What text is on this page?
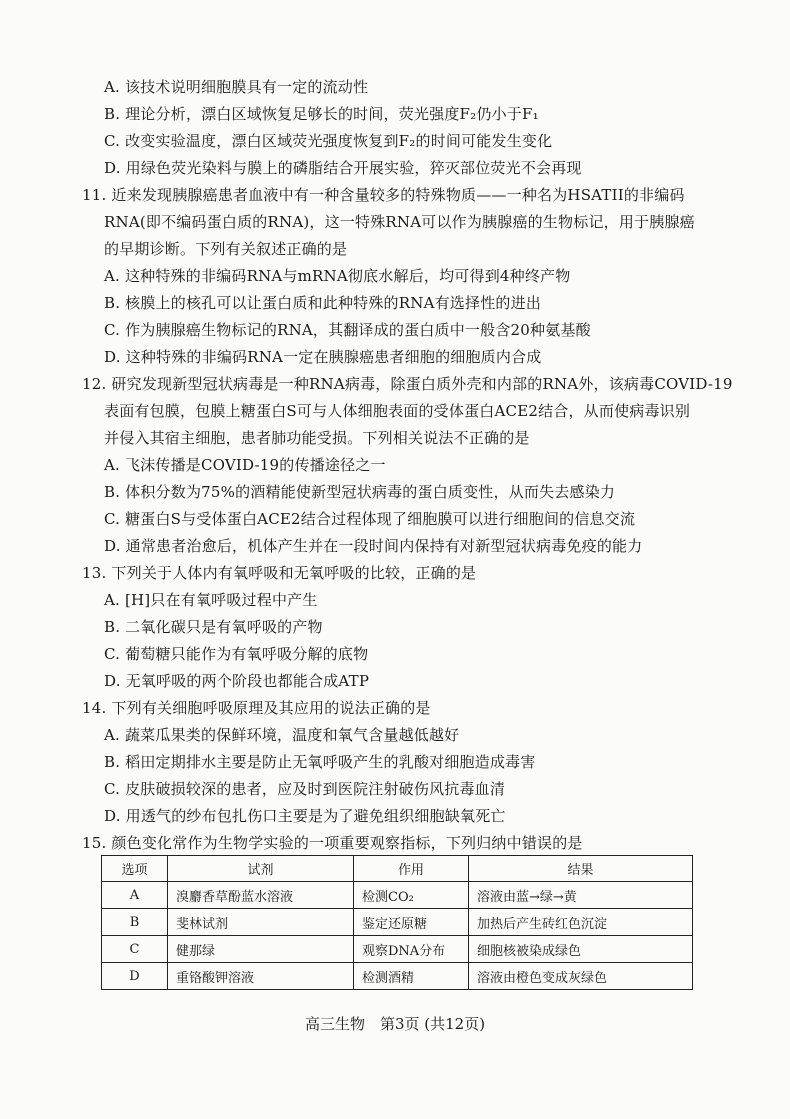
A. 该技术说明细胞膜具有一定的流动性
B. 理论分析，漂白区域恢复足够长的时间，荧光强度F₂仍小于F₁
C. 改变实验温度，漂白区域荧光强度恢复到F₂的时间可能发生变化
D. 用绿色荧光染料与膜上的磷脂结合开展实验，猝灭部位荧光不会再现
11. 近来发现胰腺癌患者血液中有一种含量较多的特殊物质——一种名为HSATII的非编码
RNA(即不编码蛋白质的RNA)，这一特殊RNA可以作为胰腺癌的生物标记，用于胰腺癌
的早期诊断。下列有关叙述正确的是
A. 这种特殊的非编码RNA与mRNA彻底水解后，均可得到4种终产物
B. 核膜上的核孔可以让蛋白质和此种特殊的RNA有选择性的进出
C. 作为胰腺癌生物标记的RNA，其翻译成的蛋白质中一般含20种氨基酸
D. 这种特殊的非编码RNA一定在胰腺癌患者细胞的细胞质内合成
12. 研究发现新型冠状病毒是一种RNA病毒，除蛋白质外壳和内部的RNA外，该病毒COVID-19
表面有包膜，包膜上糖蛋白S可与人体细胞表面的受体蛋白ACE2结合，从而使病毒识别
并侵入其宿主细胞，患者肺功能受损。下列相关说法不正确的是
A. 飞沫传播是COVID-19的传播途径之一
B. 体积分数为75%的酒精能使新型冠状病毒的蛋白质变性，从而失去感染力
C. 糖蛋白S与受体蛋白ACE2结合过程体现了细胞膜可以进行细胞间的信息交流
D. 通常患者治愈后，机体产生并在一段时间内保持有对新型冠状病毒免疫的能力
13. 下列关于人体内有氧呼吸和无氧呼吸的比较，正确的是
A. [H]只在有氧呼吸过程中产生
B. 二氧化碳只是有氧呼吸的产物
C. 葡萄糖只能作为有氧呼吸分解的底物
D. 无氧呼吸的两个阶段也都能合成ATP
14. 下列有关细胞呼吸原理及其应用的说法正确的是
A. 蔬菜瓜果类的保鲜环境，温度和氧气含量越低越好
B. 稻田定期排水主要是防止无氧呼吸产生的乳酸对细胞造成毒害
C. 皮肤破损较深的患者，应及时到医院注射破伤风抗毒血清
D. 用透气的纱布包扎伤口主要是为了避免组织细胞缺氧死亡
15. 颜色变化常作为生物学实验的一项重要观察指标，下列归纳中错误的是
选项	试剂	作用	结果
A	溴麝香草酚蓝水溶液	检测CO₂	溶液由蓝→绿→黄
B	斐林试剂	鉴定还原糖	加热后产生砖红色沉淀
C	健那绿	观察DNA分布	细胞核被染成绿色
D	重铬酸钾溶液	检测酒精	溶液由橙色变成灰绿色
高三生物　第3页 (共12页)
